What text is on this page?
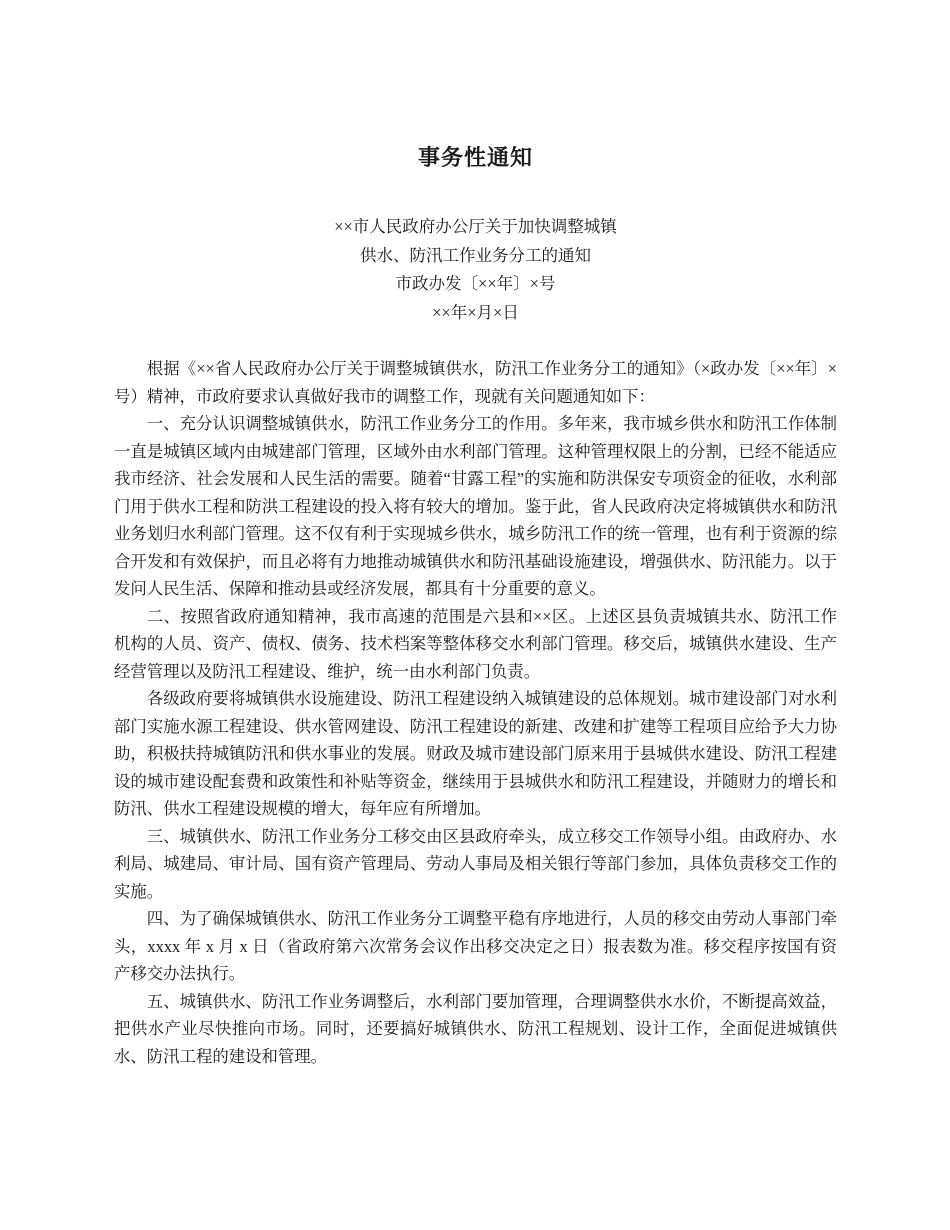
事务性通知
××市人民政府办公厅关于加快调整城镇
供水、防汛工作业务分工的通知
市政办发〔××年〕×号
××年×月×日

根据《××省人民政府办公厅关于调整城镇供水，防汛工作业务分工的通知》（×政办发〔××年〕×号）精神，市政府要求认真做好我市的调整工作，现就有关问题通知如下：

一、充分认识调整城镇供水，防汛工作业务分工的作用。多年来，我市城乡供水和防汛工作体制一直是城镇区域内由城建部门管理，区域外由水利部门管理。这种管理权限上的分割，已经不能适应我市经济、社会发展和人民生活的需要。随着“甘露工程”的实施和防洪保安专项资金的征收，水利部门用于供水工程和防洪工程建设的投入将有较大的增加。鉴于此，省人民政府决定将城镇供水和防汛业务划归水利部门管理。这不仅有利于实现城乡供水，城乡防汛工作的统一管理，也有利于资源的综合开发和有效保护，而且必将有力地推动城镇供水和防汛基础设施建设，增强供水、防汛能力。以于发问人民生活、保障和推动县或经济发展，都具有十分重要的意义。

二、按照省政府通知精神，我市高速的范围是六县和××区。上述区县负责城镇共水、防汛工作机构的人员、资产、债权、债务、技术档案等整体移交水利部门管理。移交后，城镇供水建设、生产经营管理以及防汛工程建设、维护，统一由水利部门负责。

各级政府要将城镇供水设施建设、防汛工程建设纳入城镇建设的总体规划。城市建设部门对水利部门实施水源工程建设、供水管网建设、防汛工程建设的新建、改建和扩建等工程项目应给予大力协助，积极扶持城镇防汛和供水事业的发展。财政及城市建设部门原来用于县城供水建设、防汛工程建设的城市建设配套费和政策性和补贴等资金，继续用于县城供水和防汛工程建设，并随财力的增长和防汛、供水工程建设规模的增大，每年应有所增加。

三、城镇供水、防汛工作业务分工移交由区县政府牵头，成立移交工作领导小组。由政府办、水利局、城建局、审计局、国有资产管理局、劳动人事局及相关银行等部门参加，具体负责移交工作的实施。

四、为了确保城镇供水、防汛工作业务分工调整平稳有序地进行，人员的移交由劳动人事部门牵头，xxxx 年 x 月 x 日（省政府第六次常务会议作出移交决定之日）报表数为准。移交程序按国有资产移交办法执行。

五、城镇供水、防汛工作业务调整后，水利部门要加管理，合理调整供水水价，不断提高效益，把供水产业尽快推向市场。同时，还要搞好城镇供水、防汛工程规划、设计工作，全面促进城镇供水、防汛工程的建设和管理。
